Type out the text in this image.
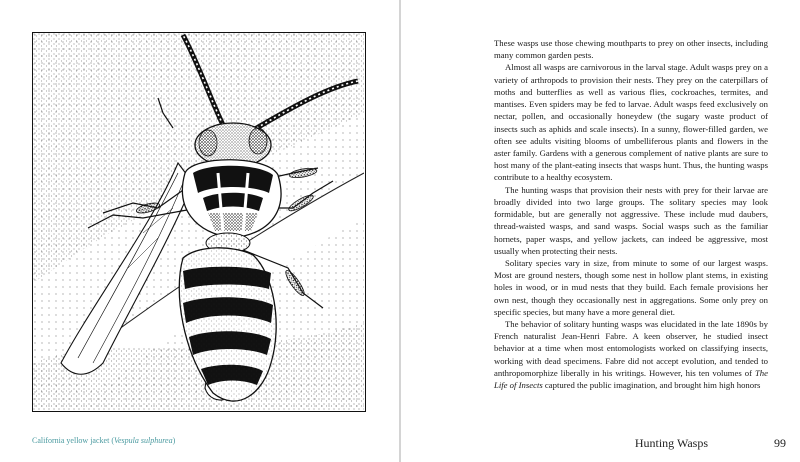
California yellow jacket (Vespula sulphurea)

These wasps use those chewing mouthparts to prey on other insects, including many common garden pests.

Almost all wasps are carnivorous in the larval stage. Adult wasps prey on a variety of arthropods to provision their nests. They prey on the caterpillars of moths and butterflies as well as various flies, cockroaches, termites, and mantises. Even spiders may be fed to larvae. Adult wasps feed exclusively on nectar, pollen, and occasionally honeydew (the sugary waste product of insects such as aphids and scale insects). In a sunny, flower-filled garden, we often see adults visiting blooms of umbelliferous plants and flowers in the aster family. Gardens with a generous complement of native plants are sure to host many of the plant-eating insects that wasps hunt. Thus, the hunting wasps contribute to a healthy ecosystem.

The hunting wasps that provision their nests with prey for their larvae are broadly divided into two large groups. The solitary species may look formidable, but are generally not aggressive. These include mud daubers, thread-waisted wasps, and sand wasps. Social wasps such as the familiar hornets, paper wasps, and yellow jackets, can indeed be aggressive, most usually when protecting their nests.

Solitary species vary in size, from minute to some of our largest wasps. Most are ground nesters, though some nest in hollow plant stems, in existing holes in wood, or in mud nests that they build. Each female provisions her own nest, though they occasionally nest in aggregations. Some only prey on specific species, but many have a more general diet.

The behavior of solitary hunting wasps was elucidated in the late 1890s by French naturalist Jean-Henri Fabre. A keen observer, he studied insect behavior at a time when most entomologists worked on classifying insects, working with dead specimens. Fabre did not accept evolution, and tended to anthropomorphize liberally in his writings. However, his ten volumes of The Life of Insects captured the public imagination, and brought him high honors

Hunting Wasps	99
